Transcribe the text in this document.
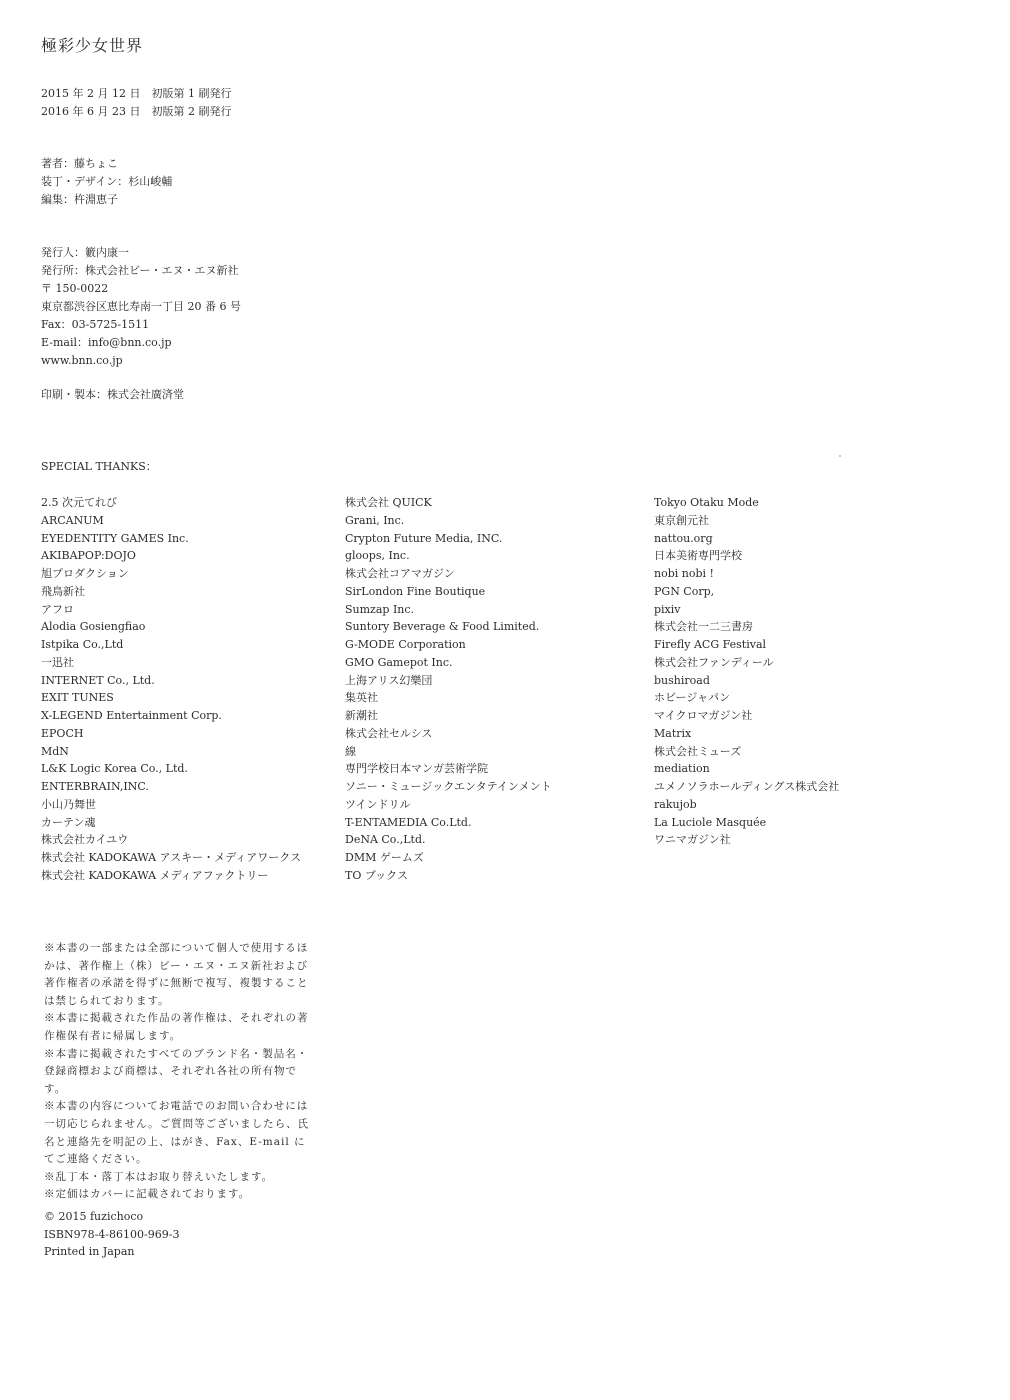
極彩少女世界
2015 年 2 月 12 日　初版第 1 刷発行
2016 年 6 月 23 日　初版第 2 刷発行
著者：藤ちょこ
装丁・デザイン：杉山峻輔
編集：杵淵恵子
発行人：籔内康一
発行所：株式会社ビー・エヌ・エヌ新社
〒 150-0022
東京都渋谷区恵比寿南一丁目 20 番 6 号
Fax：03-5725-1511
E-mail：info@bnn.co.jp
www.bnn.co.jp
印刷・製本：株式会社廣済堂
SPECIAL THANKS：
2.5 次元てれび
ARCANUM
EYEDENTITY GAMES Inc.
AKIBAPOP:DOJO
旭プロダクション
飛鳥新社
アフロ
Alodia Gosiengfiao
Istpika Co.,Ltd
一迅社
INTERNET Co., Ltd.
EXIT TUNES
X-LEGEND Entertainment Corp.
EPOCH
MdN
L&K Logic Korea Co., Ltd.
ENTERBRAIN,INC.
小山乃舞世
カーテン魂
株式会社カイユウ
株式会社 KADOKAWA アスキー・メディアワークス
株式会社 KADOKAWA メディアファクトリー
株式会社 QUICK
Grani, Inc.
Crypton Future Media, INC.
gloops, Inc.
株式会社コアマガジン
SirLondon Fine Boutique
Sumzap Inc.
Suntory Beverage & Food Limited.
G-MODE Corporation
GMO Gamepot Inc.
上海アリス幻樂団
集英社
新潮社
株式会社セルシス
線
専門学校日本マンガ芸術学院
ソニー・ミュージックエンタテインメント
ツインドリル
T-ENTAMEDIA Co.Ltd.
DeNA Co.,Ltd.
DMM ゲームズ
TO ブックス
Tokyo Otaku Mode
東京創元社
nattou.org
日本美術専門学校
nobi nobi !
PGN Corp,
pixiv
株式会社一二三書房
Firefly ACG Festival
株式会社ファンディール
bushiroad
ホビージャパン
マイクロマガジン社
Matrix
株式会社ミューズ
mediation
ユメノソラホールディングス株式会社
rakujob
La Luciole Masquée
ワニマガジン社

※本書の一部または全部について個人で使用するほかは、著作権上（株）ビー・エヌ・エヌ新社および著作権者の承諾を得ずに無断で複写、複製することは禁じられております。

※本書に掲載された作品の著作権は、それぞれの著作権保有者に帰属します。

※本書に掲載されたすべてのブランド名・製品名・登録商標および商標は、それぞれ各社の所有物です。

※本書の内容についてお電話でのお問い合わせには一切応じられません。ご質問等ございましたら、氏名と連絡先を明記の上、はがき、Fax、E-mail にてご連絡ください。

※乱丁本・落丁本はお取り替えいたします。

※定価はカバーに記載されております。

© 2015 fuzichoco
ISBN978-4-86100-969-3
Printed in Japan
